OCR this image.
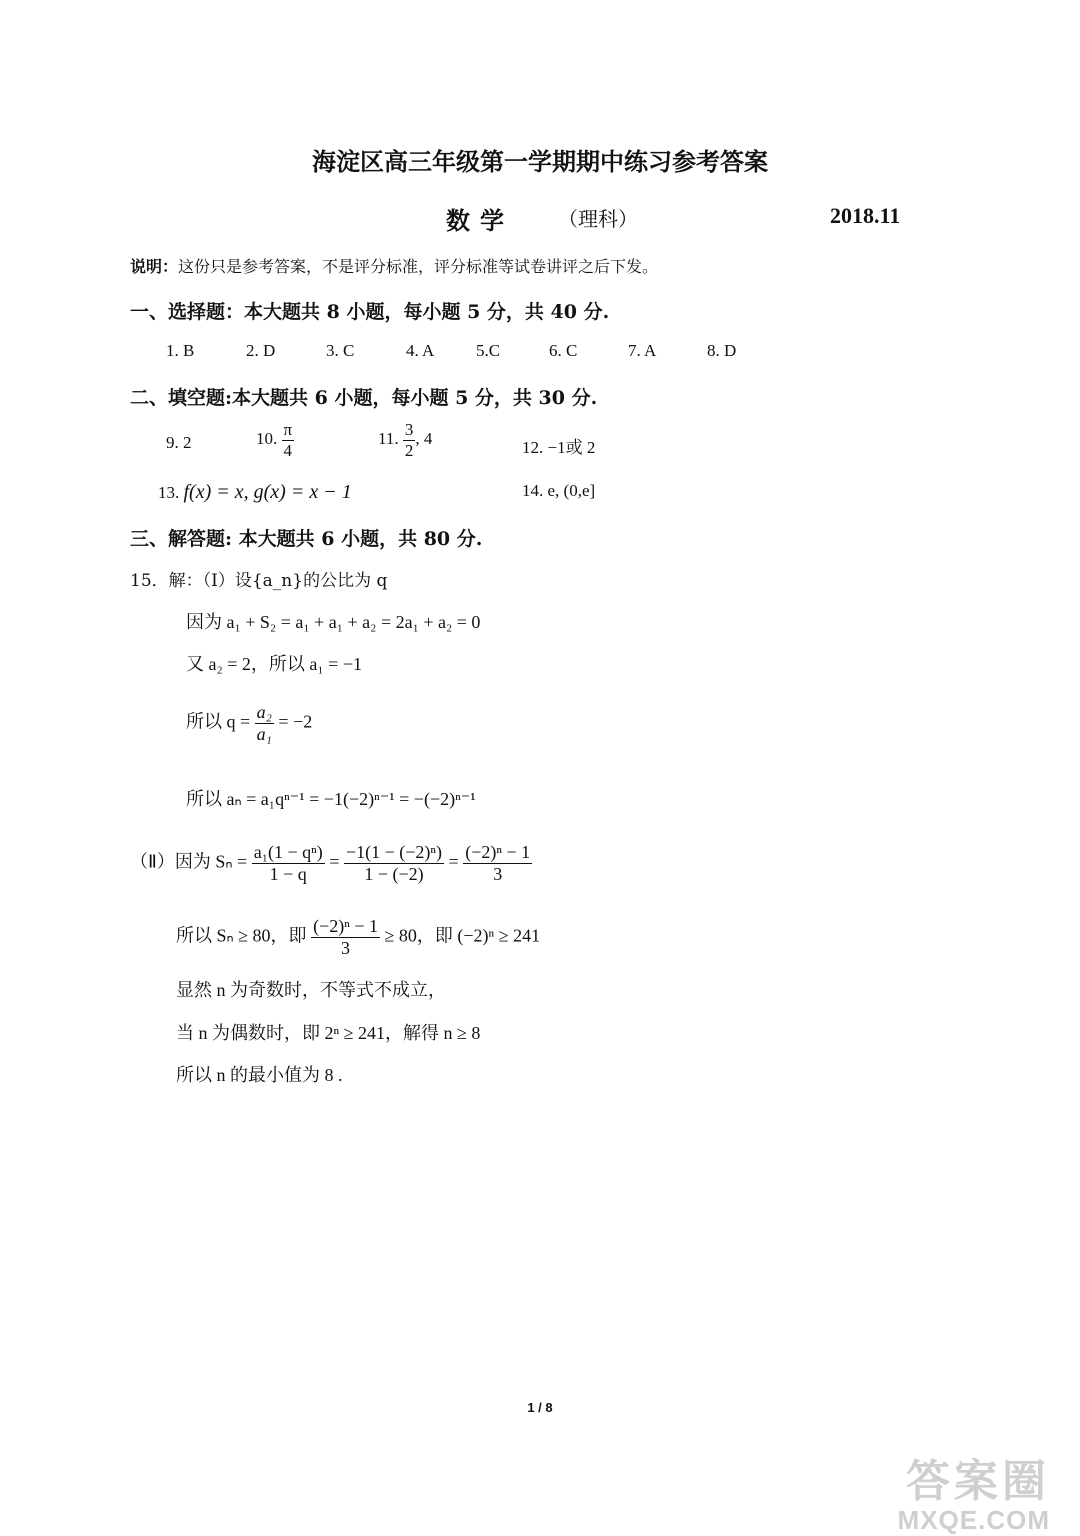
海淀区高三年级第一学期期中练习参考答案
数学 （理科）	2018.11
说明：这份只是参考答案，不是评分标准，评分标准等试卷讲评之后下发。
一、选择题：本大题共 8 小题，每小题 5 分，共 40 分.
1. B	2. D	3. C	4. A 5.C	6. C	7. A	8. D
二、填空题:本大题共 6 小题，每小题 5 分，共 30 分.
9. 2	10. $\frac{\pi}{4}$	11. $\frac{3}{2}$ , 4	12. −1或 2
13. f(x) = x, g(x) = x − 1	14. e, (0,e]
三、解答题: 本大题共 6 小题，共 80 分.
15．解：（Ⅰ）设{a_n}的公比为 q
因为 a₁ + S₂ = a₁ + a₁ + a₂ = 2a₁ + a₂ = 0
又 a₂ = 2，所以 a₁ = −1
所以 $q = \frac{\text{a₂}}{\text{a₁}} = -2$
所以 aₙ = a₁qⁿ⁻¹ = −1(−2)ⁿ⁻¹ = −(−2)ⁿ⁻¹
（Ⅱ）因为 $S_n = \frac{\text{a₁(1 − qⁿ)}}{1 - q} = \frac{\text{−1(1 − (−2)ⁿ)}}{1 - (-2)} = \frac{\text{(−2)ⁿ − 1}}{3}$
所以 Sₙ ≥ 80，即 $\frac{\text{(−2)ⁿ − 1}}{3} \ge 80$，即 (−2)ⁿ ≥ 241
显然 n 为奇数时，不等式不成立，
当 n 为偶数时，即 2ⁿ ≥ 241，解得 n ≥ 8
所以 n 的最小值为 8 .
1 / 8
答案圈
MXQE.COM
